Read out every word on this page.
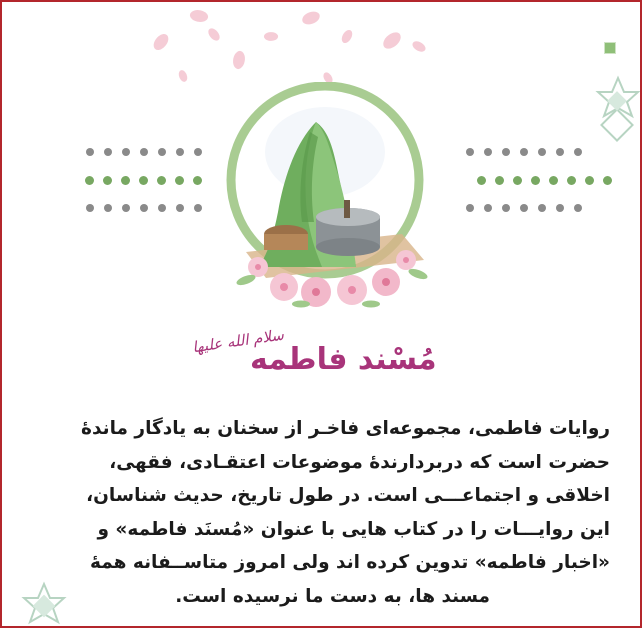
مُسْند فاطمه
سلام الله علیها

روایات فاطمی، مجموعه‌ای فاخـر از سخنان به یادگار ماندهٔ

حضرت است که دربردارندهٔ موضوعات اعتقـادی، فقهی،

اخلاقی و اجتماعـــی است. در طول تاریخ، حدیث شناسان،

این روایـــات را در کتاب هایی با عنوان «مُسنَد فاطمه» و

«اخبار فاطمه» تدوین کرده اند ولی امروز متاســفانه همهٔ

مسند ها، به دست ما نرسیده است.
